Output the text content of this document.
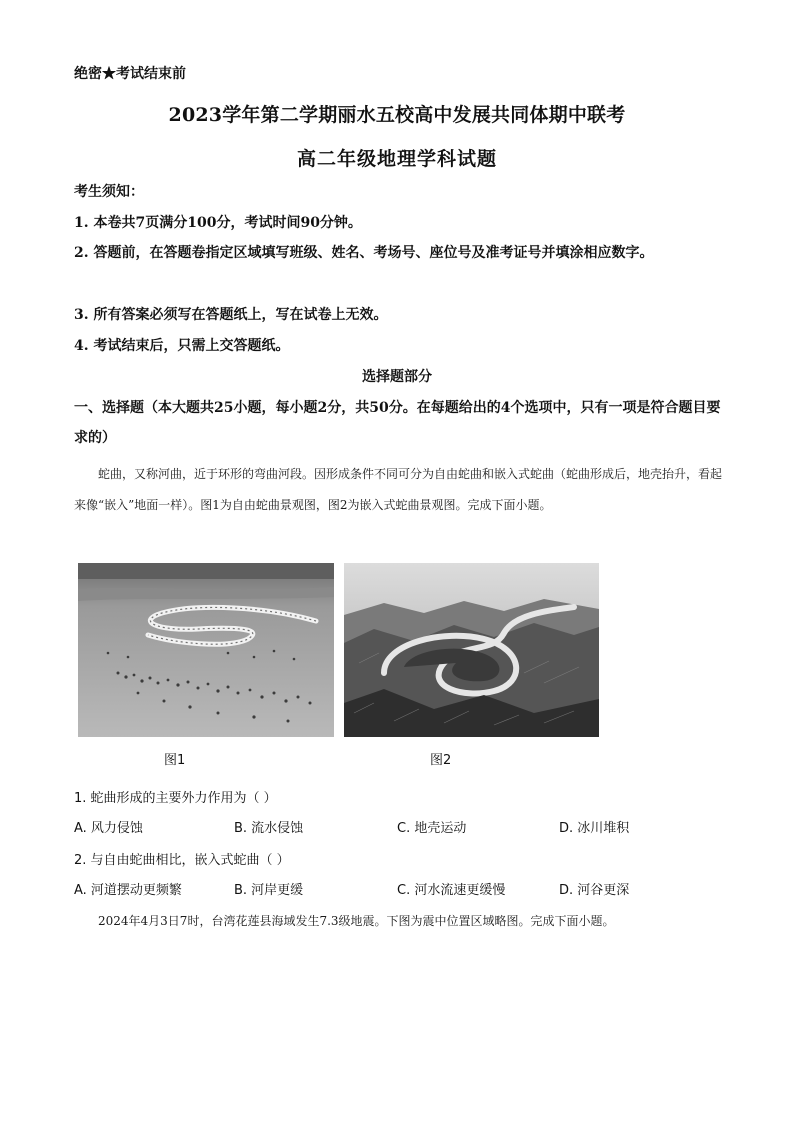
绝密★考试结束前
2023学年第二学期丽水五校高中发展共同体期中联考
高二年级地理学科试题
考生须知：
1. 本卷共7页满分100分，考试时间90分钟。
2. 答题前，在答题卷指定区域填写班级、姓名、考场号、座位号及准考证号并填涂相应数字。
3. 所有答案必须写在答题纸上，写在试卷上无效。
4. 考试结束后，只需上交答题纸。
选择题部分
一、选择题（本大题共25小题，每小题2分，共50分。在每题给出的4个选项中，只有一项是符合题目要求的）
蛇曲，又称河曲，近于环形的弯曲河段。因形成条件不同可分为自由蛇曲和嵌入式蛇曲（蛇曲形成后，地壳抬升，看起来像“嵌入”地面一样）。图1为自由蛇曲景观图，图2为嵌入式蛇曲景观图。完成下面小题。
图1	图2
1. 蛇曲形成的主要外力作用为（ ）
A. 风力侵蚀	B. 流水侵蚀	C. 地壳运动	D. 冰川堆积
2. 与自由蛇曲相比，嵌入式蛇曲（ ）
A. 河道摆动更频繁	B. 河岸更缓	C. 河水流速更缓慢	D. 河谷更深
2024年4月3日7时，台湾花莲县海域发生7.3级地震。下图为震中位置区域略图。完成下面小题。
